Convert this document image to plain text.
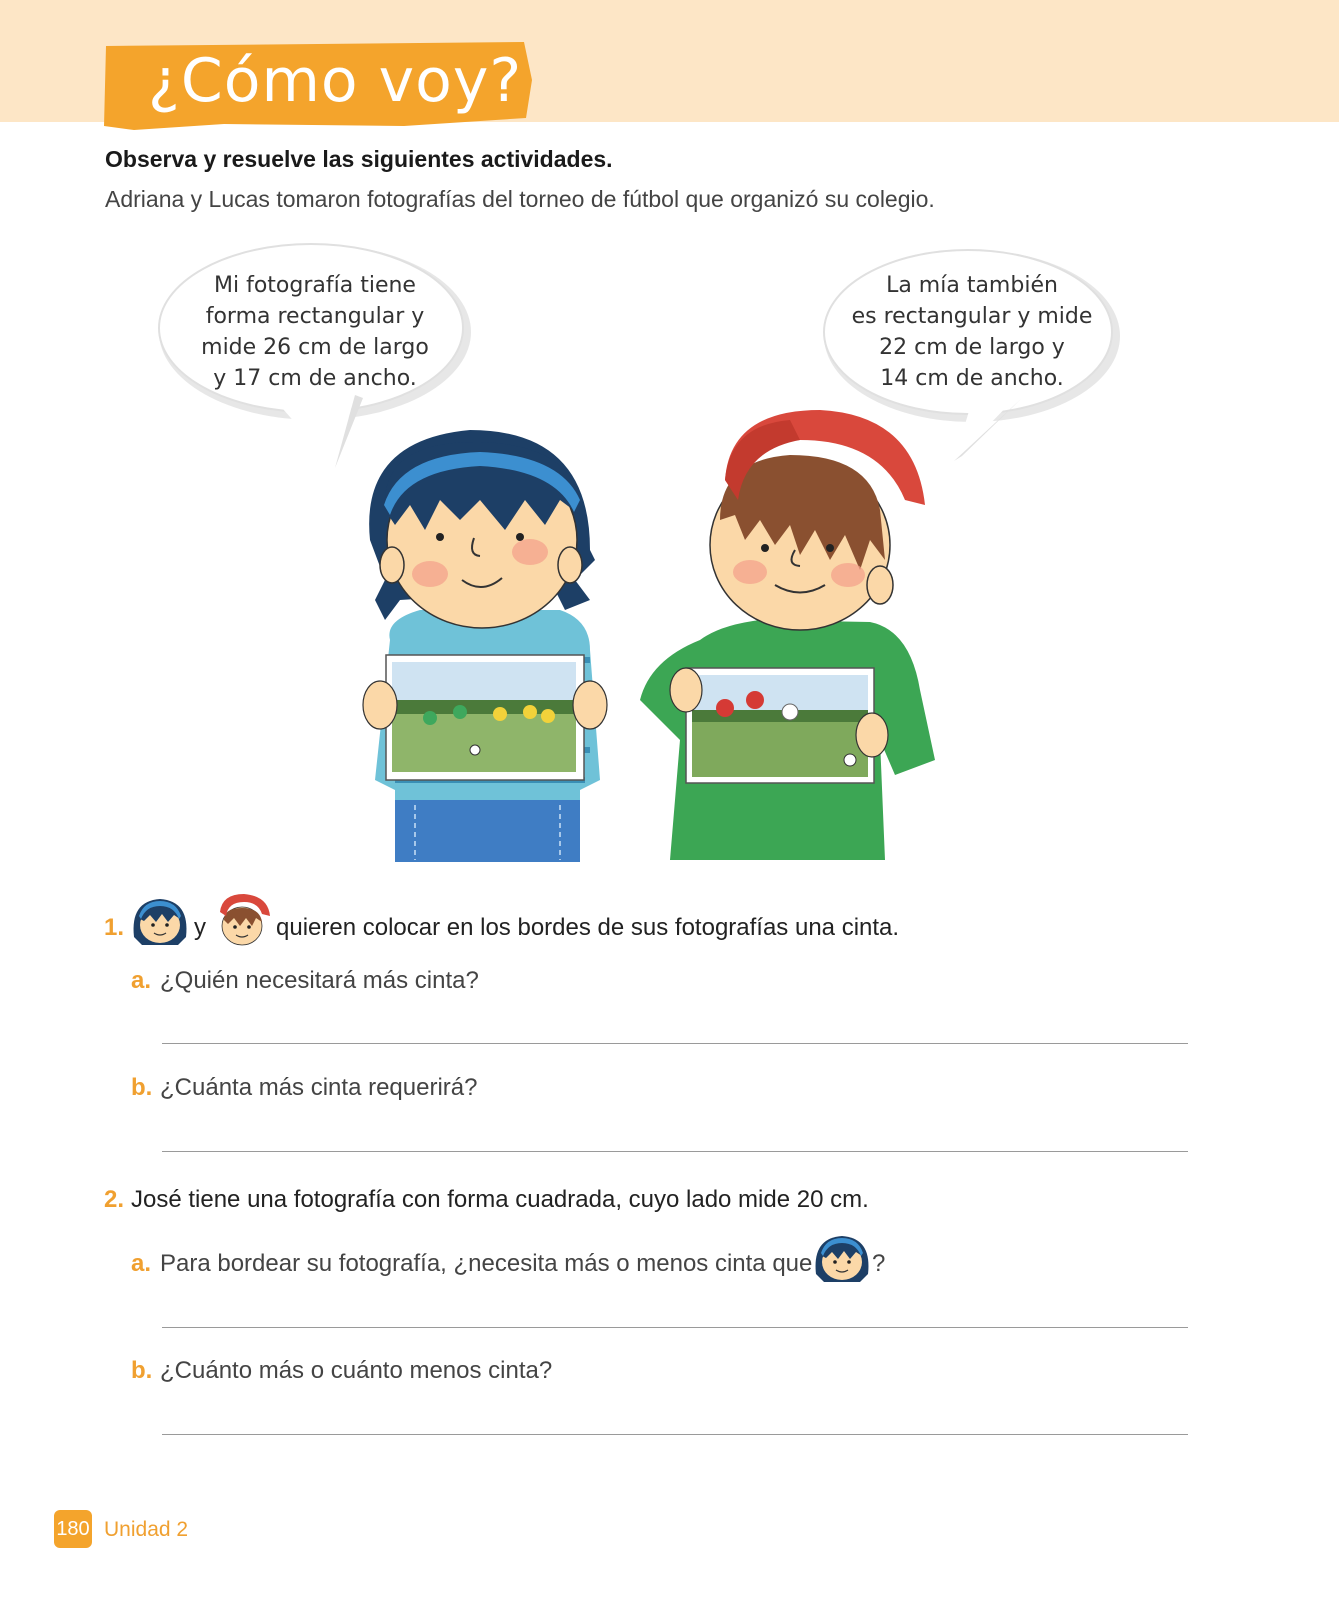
¿Cómo voy?
Observa y resuelve las siguientes actividades.
Adriana y Lucas tomaron fotografías del torneo de fútbol que organizó su colegio.
Mi fotografía tiene
forma rectangular y
mide 26 cm de largo
y 17 cm de ancho.
La mía también
es rectangular y mide
22 cm de largo y
14 cm de ancho.
1.	y	quieren colocar en los bordes de sus fotografías una cinta.
a. ¿Quién necesitará más cinta?
b. ¿Cuánta más cinta requerirá?
2. José tiene una fotografía con forma cuadrada, cuyo lado mide 20 cm.
a. Para bordear su fotografía, ¿necesita más o menos cinta que ?
b. ¿Cuánto más o cuánto menos cinta?
180 Unidad 2
